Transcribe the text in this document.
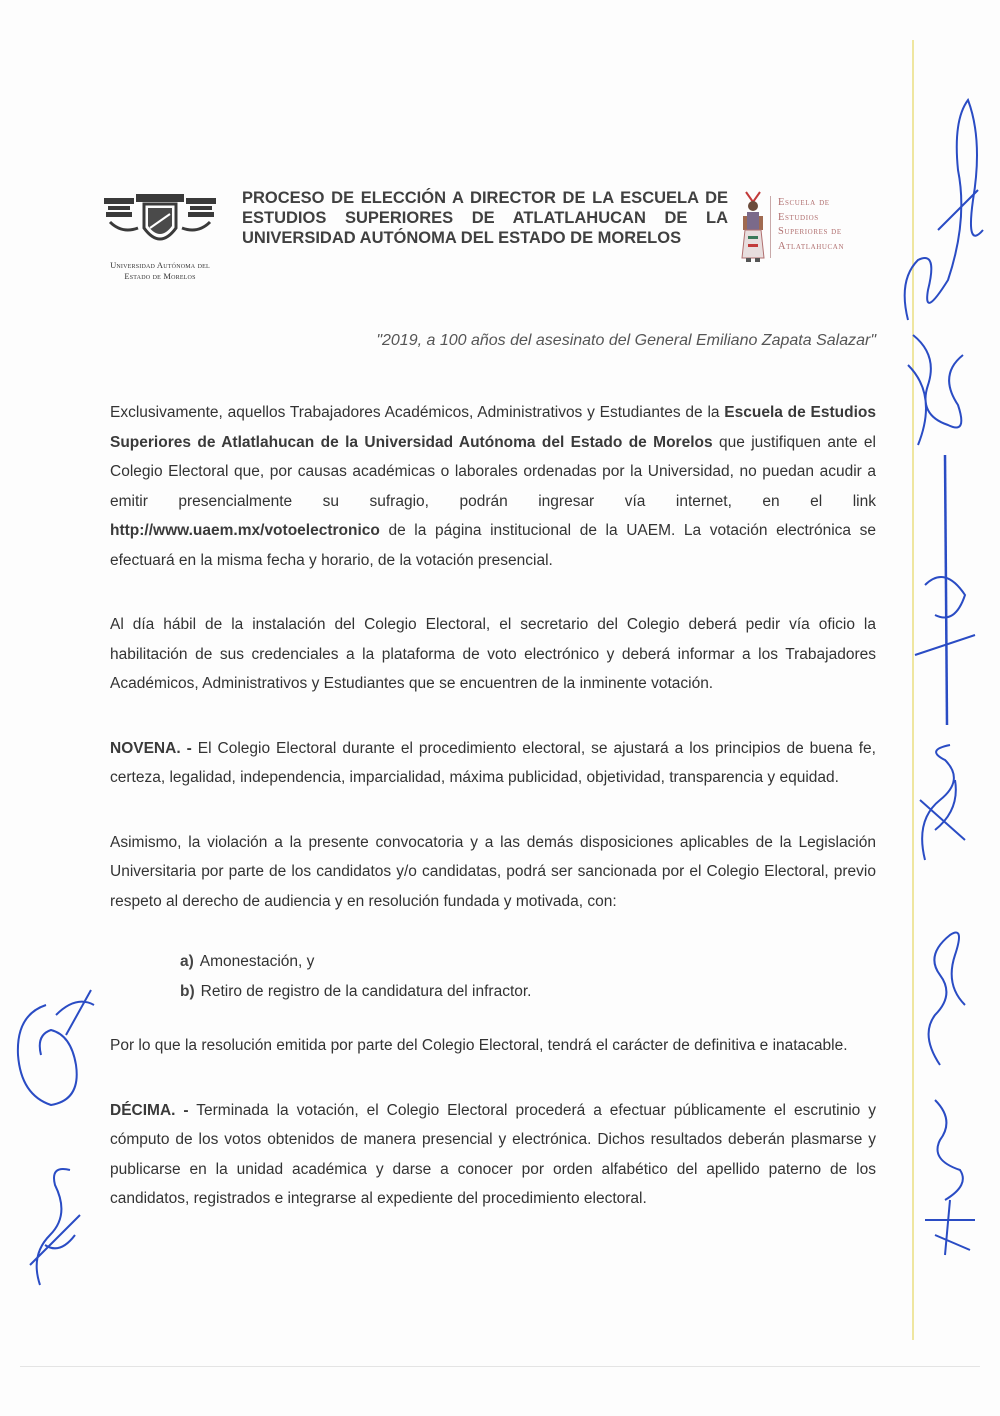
Universidad Autónoma del
Estado de Morelos
PROCESO DE ELECCIÓN A DIRECTOR DE LA ESCUELA DE ESTUDIOS SUPERIORES DE ATLATLAHUCAN DE LA UNIVERSIDAD AUTÓNOMA DEL ESTADO DE MORELOS
Escuela de
Estudios
Superiores de
Atlatlahucan
"2019, a 100 años del asesinato del General Emiliano Zapata Salazar"

Exclusivamente, aquellos Trabajadores Académicos, Administrativos y Estudiantes de la Escuela de Estudios Superiores de Atlatlahucan de la Universidad Autónoma del Estado de Morelos que justifiquen ante el Colegio Electoral que, por causas académicas o laborales ordenadas por la Universidad, no puedan acudir a emitir presencialmente su sufragio, podrán ingresar vía internet, en el link http://www.uaem.mx/votoelectronico de la página institucional de la UAEM. La votación electrónica se efectuará en la misma fecha y horario, de la votación presencial.

Al día hábil de la instalación del Colegio Electoral, el secretario del Colegio deberá pedir vía oficio la habilitación de sus credenciales a la plataforma de voto electrónico y deberá informar a los Trabajadores Académicos, Administrativos y Estudiantes que se encuentren de la inminente votación.

NOVENA. - El Colegio Electoral durante el procedimiento electoral, se ajustará a los principios de buena fe, certeza, legalidad, independencia, imparcialidad, máxima publicidad, objetividad, transparencia y equidad.

Asimismo, la violación a la presente convocatoria y a las demás disposiciones aplicables de la Legislación Universitaria por parte de los candidatos y/o candidatas, podrá ser sancionada por el Colegio Electoral, previo respeto al derecho de audiencia y en resolución fundada y motivada, con:

a) Amonestación, y
b) Retiro de registro de la candidatura del infractor.

Por lo que la resolución emitida por parte del Colegio Electoral, tendrá el carácter de definitiva e inatacable.

DÉCIMA. - Terminada la votación, el Colegio Electoral procederá a efectuar públicamente el escrutinio y cómputo de los votos obtenidos de manera presencial y electrónica. Dichos resultados deberán plasmarse y publicarse en la unidad académica y darse a conocer por orden alfabético del apellido paterno de los candidatos, registrados e integrarse al expediente del procedimiento electoral.
